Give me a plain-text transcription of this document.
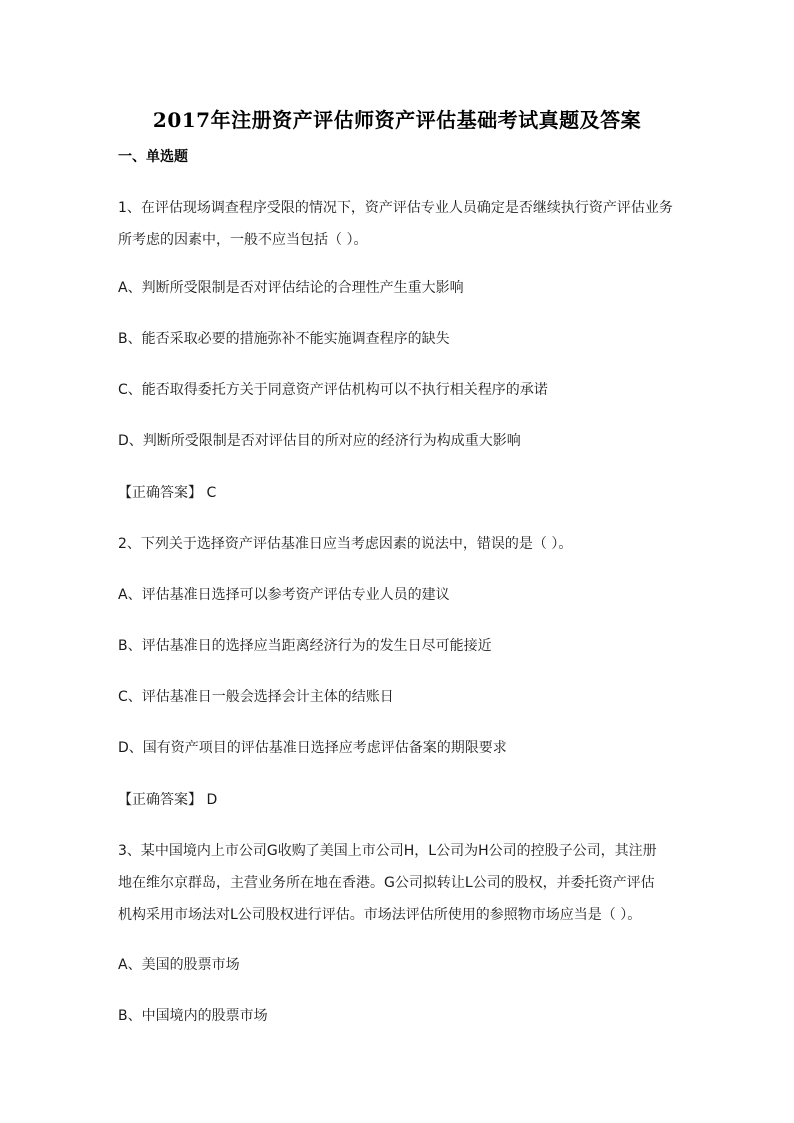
2017年注册资产评估师资产评估基础考试真题及答案
一、单选题
1、在评估现场调查程序受限的情况下，资产评估专业人员确定是否继续执行资产评估业务
所考虑的因素中，一般不应当包括（ ）。
A、判断所受限制是否对评估结论的合理性产生重大影响
B、能否采取必要的措施弥补不能实施调查程序的缺失
C、能否取得委托方关于同意资产评估机构可以不执行相关程序的承诺
D、判断所受限制是否对评估目的所对应的经济行为构成重大影响
【正确答案】 C
2、下列关于选择资产评估基准日应当考虑因素的说法中，错误的是（ ）。
A、评估基准日选择可以参考资产评估专业人员的建议
B、评估基准日的选择应当距离经济行为的发生日尽可能接近
C、评估基准日一般会选择会计主体的结账日
D、国有资产项目的评估基准日选择应考虑评估备案的期限要求
【正确答案】 D
3、某中国境内上市公司G收购了美国上市公司H，L公司为H公司的控股子公司，其注册
地在维尔京群岛，主营业务所在地在香港。G公司拟转让L公司的股权，并委托资产评估
机构采用市场法对L公司股权进行评估。市场法评估所使用的参照物市场应当是（ ）。
A、美国的股票市场
B、中国境内的股票市场
